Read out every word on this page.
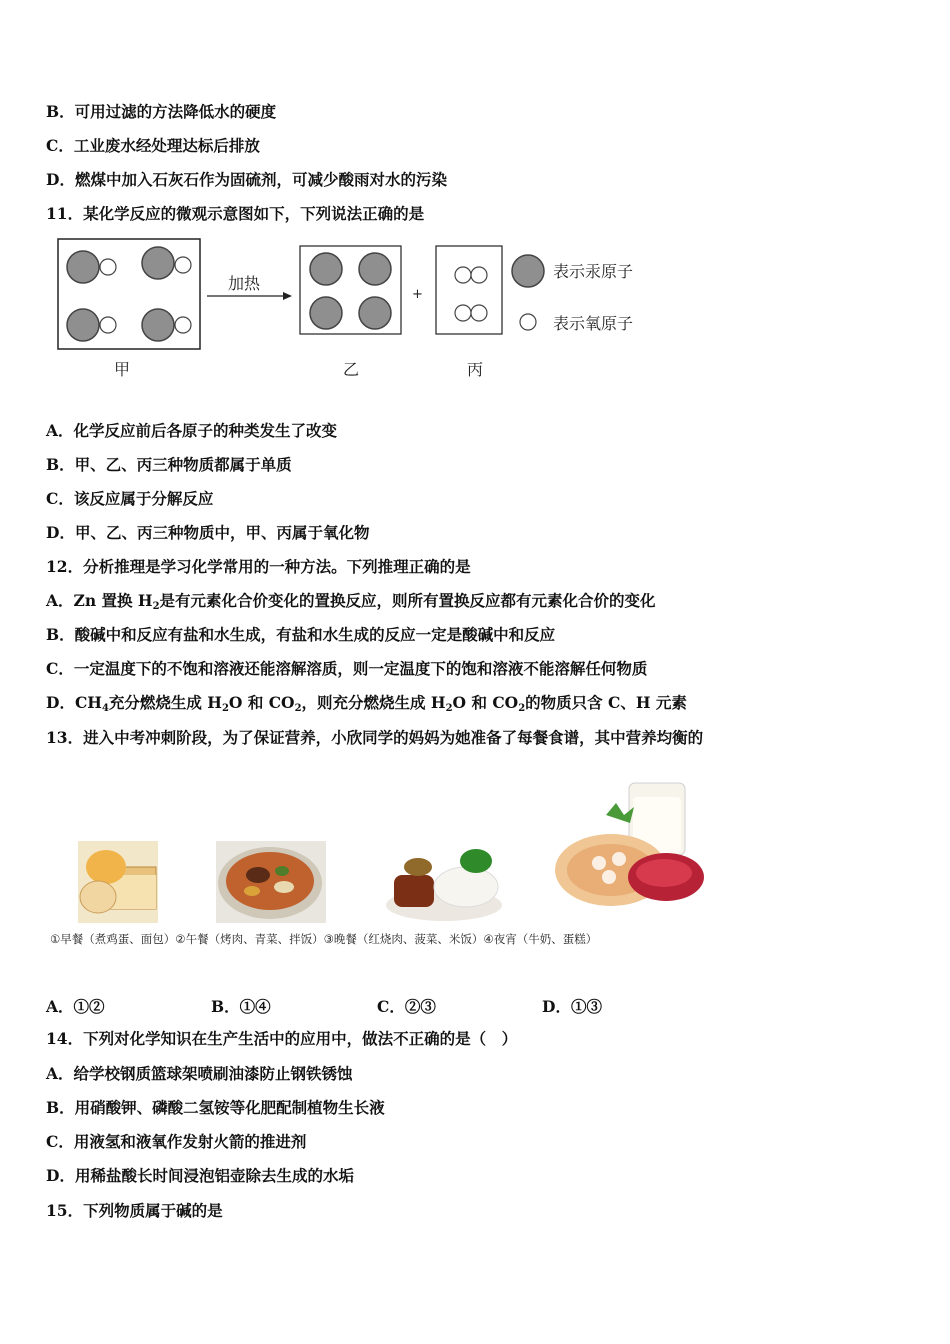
B．可用过滤的方法降低水的硬度
C．工业废水经处理达标后排放
D．燃煤中加入石灰石作为固硫剂，可减少酸雨对水的污染
11．某化学反应的微观示意图如下，下列说法正确的是
加热
+
表示汞原子
表示氧原子
甲	乙	丙
A．化学反应前后各原子的种类发生了改变
B．甲、乙、丙三种物质都属于单质
C．该反应属于分解反应
D．甲、乙、丙三种物质中，甲、丙属于氧化物
12．分析推理是学习化学常用的一种方法。下列推理正确的是
A．Zn 置换 $H_2$是有元素化合价变化的置换反应，则所有置换反应都有元素化合价的变化
B．酸碱中和反应有盐和水生成，有盐和水生成的反应一定是酸碱中和反应
C．一定温度下的不饱和溶液还能溶解溶质，则一定温度下的饱和溶液不能溶解任何物质
D．$CH_4$充分燃烧生成 $H_2O$ 和 $CO_2$，则充分燃烧生成 $H_2O$ 和 $CO_2$的物质只含 C、H 元素
13．进入中考冲刺阶段，为了保证营养，小欣同学的妈妈为她准备了每餐食谱，其中营养均衡的
①早餐（煮鸡蛋、面包）②午餐（烤肉、青菜、拌饭）③晚餐（红烧肉、菠菜、米饭）④夜宵（牛奶、蛋糕）
A．①②	B．①④	C．②③	D．①③
14．下列对化学知识在生产生活中的应用中，做法不正确的是（　）
A．给学校钢质篮球架喷刷油漆防止钢铁锈蚀
B．用硝酸钾、磷酸二氢铵等化肥配制植物生长液
C．用液氢和液氧作发射火箭的推进剂
D．用稀盐酸长时间浸泡铝壶除去生成的水垢
15．下列物质属于碱的是
